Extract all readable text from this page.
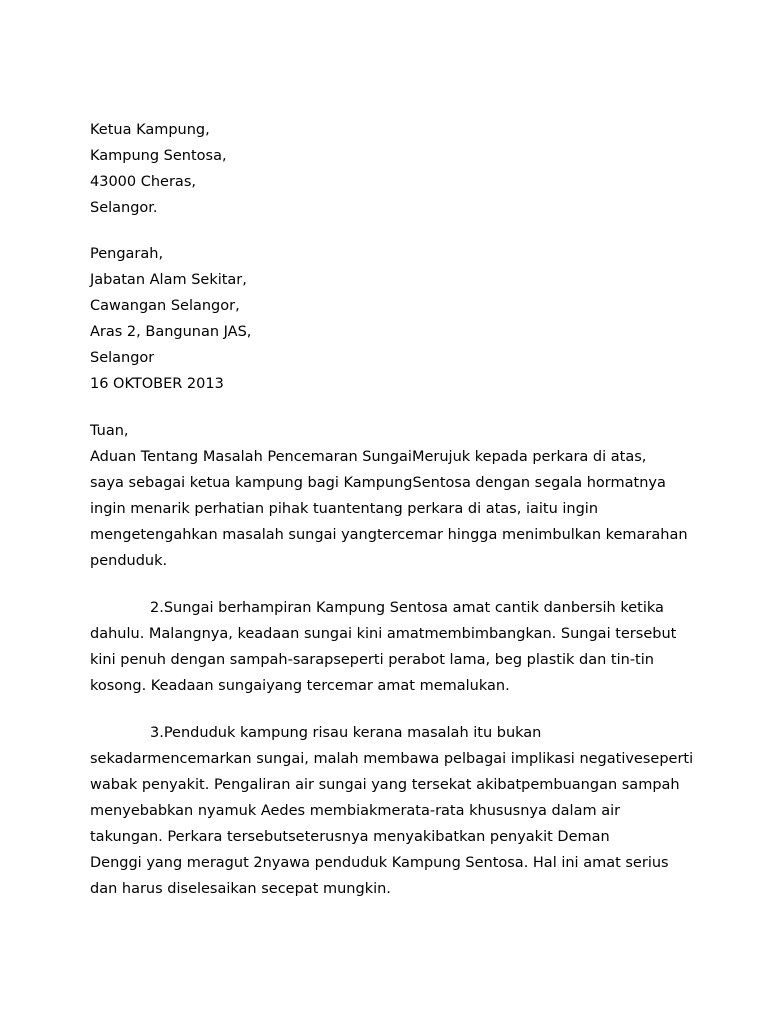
Ketua Kampung,
Kampung Sentosa,
43000 Cheras,
Selangor.
Pengarah,
Jabatan Alam Sekitar,
Cawangan Selangor,
Aras 2, Bangunan JAS,
Selangor
16 OKTOBER 2013
Tuan,
Aduan Tentang Masalah Pencemaran SungaiMerujuk kepada perkara di atas,
saya sebagai ketua kampung bagi KampungSentosa dengan segala hormatnya
ingin menarik perhatian pihak tuantentang perkara di atas, iaitu ingin
mengetengahkan masalah sungai yangtercemar hingga menimbulkan kemarahan
penduduk.
2.Sungai berhampiran Kampung Sentosa amat cantik danbersih ketika
dahulu. Malangnya, keadaan sungai kini amatmembimbangkan. Sungai tersebut
kini penuh dengan sampah-sarapseperti perabot lama, beg plastik dan tin-tin
kosong. Keadaan sungaiyang tercemar amat memalukan.
3.Penduduk kampung risau kerana masalah itu bukan
sekadarmencemarkan sungai, malah membawa pelbagai implikasi negativeseperti
wabak penyakit. Pengaliran air sungai yang tersekat akibatpembuangan sampah
menyebabkan nyamuk Aedes membiakmerata-rata khususnya dalam air
takungan. Perkara tersebutseterusnya menyakibatkan penyakit Deman
Denggi yang meragut 2nyawa penduduk Kampung Sentosa. Hal ini amat serius
dan harus diselesaikan secepat mungkin.
